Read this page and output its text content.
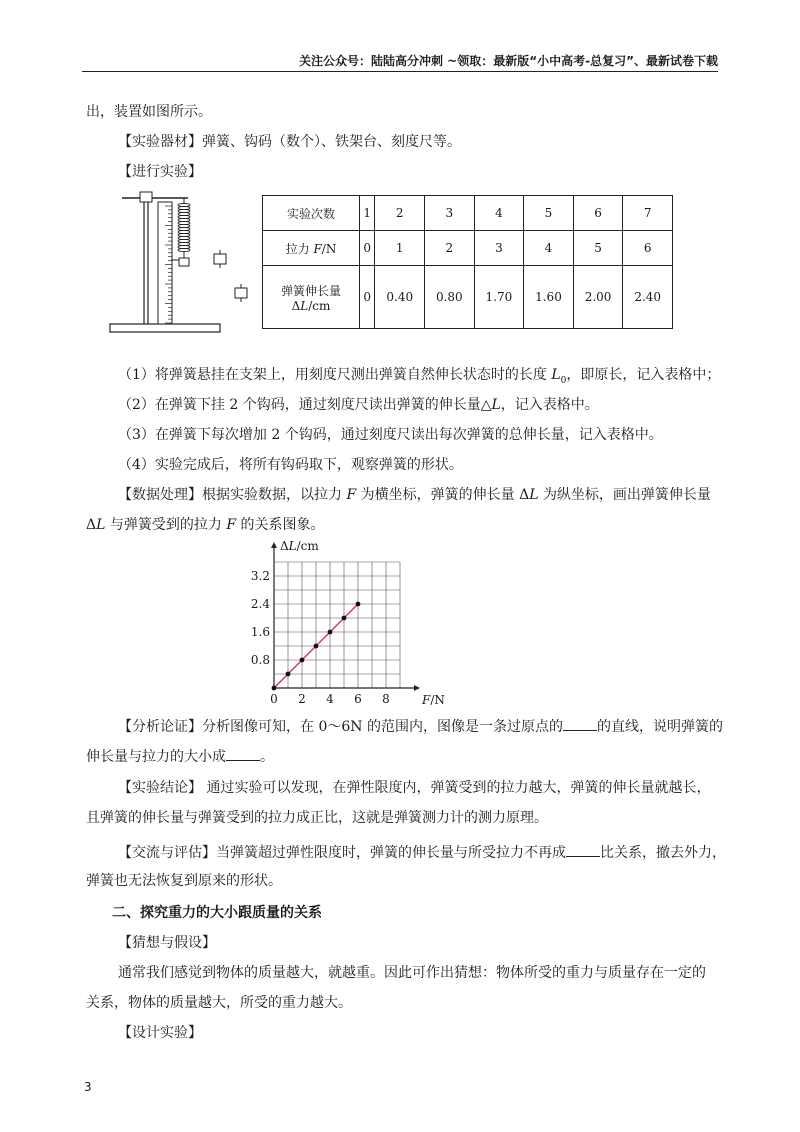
关注公众号：陆陆高分冲刺 ~领取：最新版“小中高考-总复习”、最新试卷下载
出，装置如图所示。
【实验器材】弹簧、钩码（数个）、铁架台、刻度尺等。
【进行实验】
实验次数	1	2	3	4	5	6	7
拉力 F/N	0	1	2	3	4	5	6
弹簧伸长量
ΔL/cm	0	0.40	0.80	1.70	1.60	2.00	2.40
（1）将弹簧悬挂在支架上，用刻度尺测出弹簧自然伸长状态时的长度 $L_0$，即原长，记入表格中；
（2）在弹簧下挂 2 个钩码，通过刻度尺读出弹簧的伸长量△L，记入表格中。
（3）在弹簧下每次增加 2 个钩码，通过刻度尺读出每次弹簧的总伸长量，记入表格中。
（4）实验完成后，将所有钩码取下，观察弹簧的形状。
【数据处理】根据实验数据，以拉力 F 为横坐标，弹簧的伸长量 ΔL 为纵坐标，画出弹簧伸长量
ΔL 与弹簧受到的拉力 F 的关系图象。
0 2 4 6 8
0.8
1.6
2.4
3.2
ΔL/cm
F/N
【分析论证】分析图像可知，在 0～6N 的范围内，图像是一条过原点的 的直线，说明弹簧的
伸长量与拉力的大小成 。
【实验结论】 通过实验可以发现，在弹性限度内，弹簧受到的拉力越大，弹簧的伸长量就越长，
且弹簧的伸长量与弹簧受到的拉力成正比，这就是弹簧测力计的测力原理。
【交流与评估】当弹簧超过弹性限度时，弹簧的伸长量与所受拉力不再成 比关系，撤去外力，
弹簧也无法恢复到原来的形状。
二、探究重力的大小跟质量的关系
【猜想与假设】
通常我们感觉到物体的质量越大，就越重。因此可作出猜想：物体所受的重力与质量存在一定的
关系，物体的质量越大，所受的重力越大。
【设计实验】
3
